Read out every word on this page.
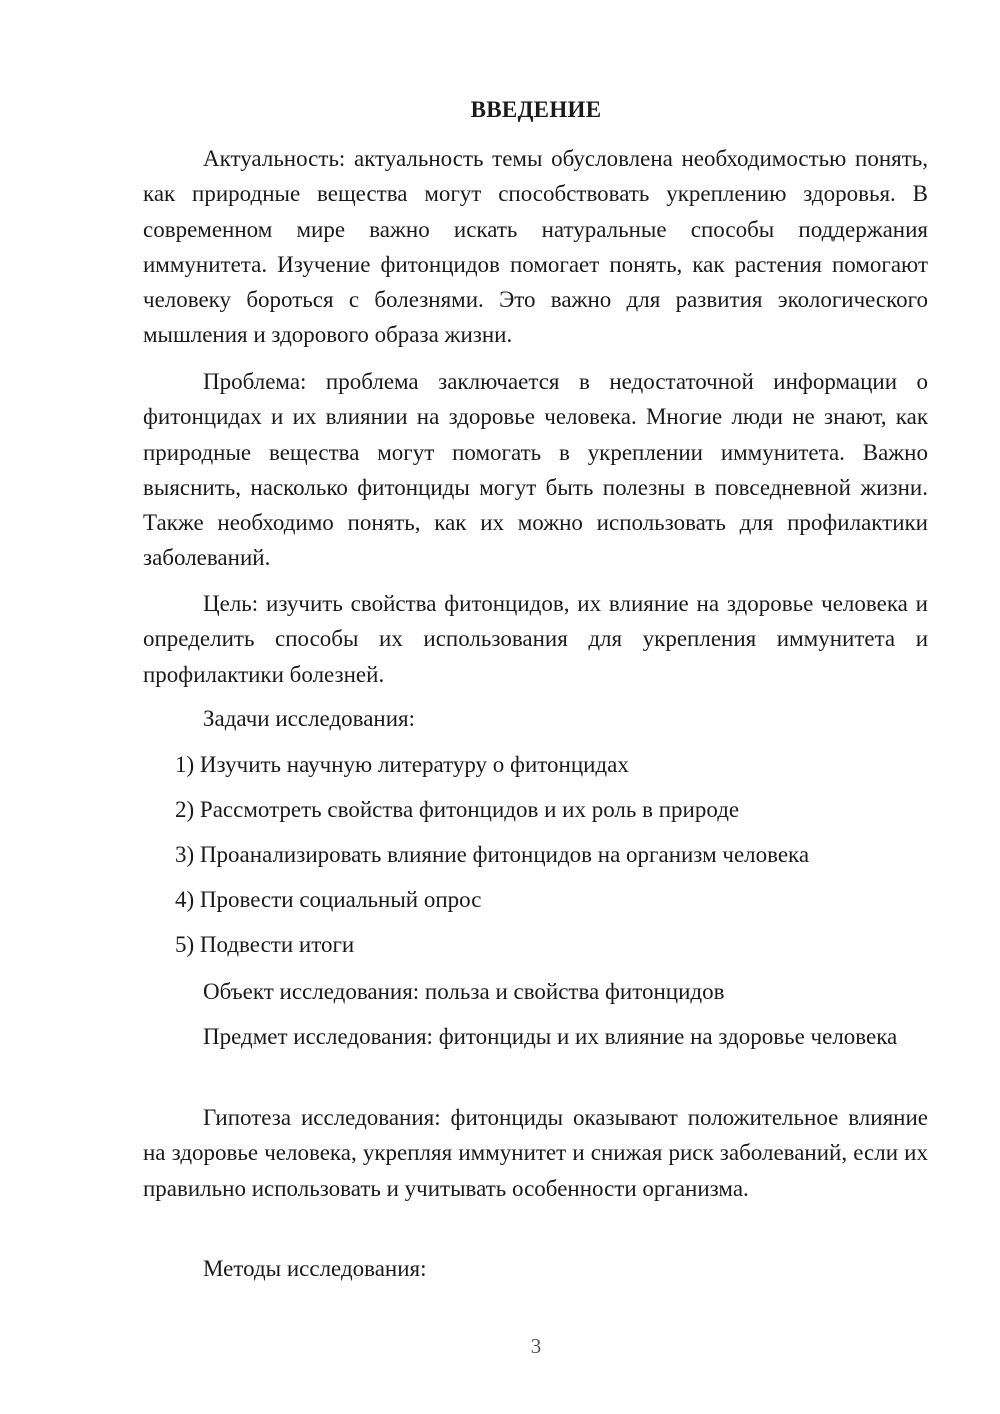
ВВЕДЕНИЕ

Актуальность: актуальность темы обусловлена необходимостью понять, как природные вещества могут способствовать укреплению здоровья. В современном мире важно искать натуральные способы поддержания иммунитета. Изучение фитонцидов помогает понять, как растения помогают человеку бороться с болезнями. Это важно для развития экологического мышления и здорового образа жизни.

Проблема: проблема заключается в недостаточной информации о фитонцидах и их влиянии на здоровье человека. Многие люди не знают, как природные вещества могут помогать в укреплении иммунитета. Важно выяснить, насколько фитонциды могут быть полезны в повседневной жизни. Также необходимо понять, как их можно использовать для профилактики заболеваний.

Цель: изучить свойства фитонцидов, их влияние на здоровье человека и определить способы их использования для укрепления иммунитета и профилактики болезней.

Задачи исследования:

1) Изучить научную литературу о фитонцидах

2) Рассмотреть свойства фитонцидов и их роль в природе

3) Проанализировать влияние фитонцидов на организм человека

4) Провести социальный опрос

5) Подвести итоги

Объект исследования: польза и свойства фитонцидов

Предмет исследования: фитонциды и их влияние на здоровье человека

Гипотеза исследования: фитонциды оказывают положительное влияние на здоровье человека, укрепляя иммунитет и снижая риск заболеваний, если их правильно использовать и учитывать особенности организма.

Методы исследования:

3
